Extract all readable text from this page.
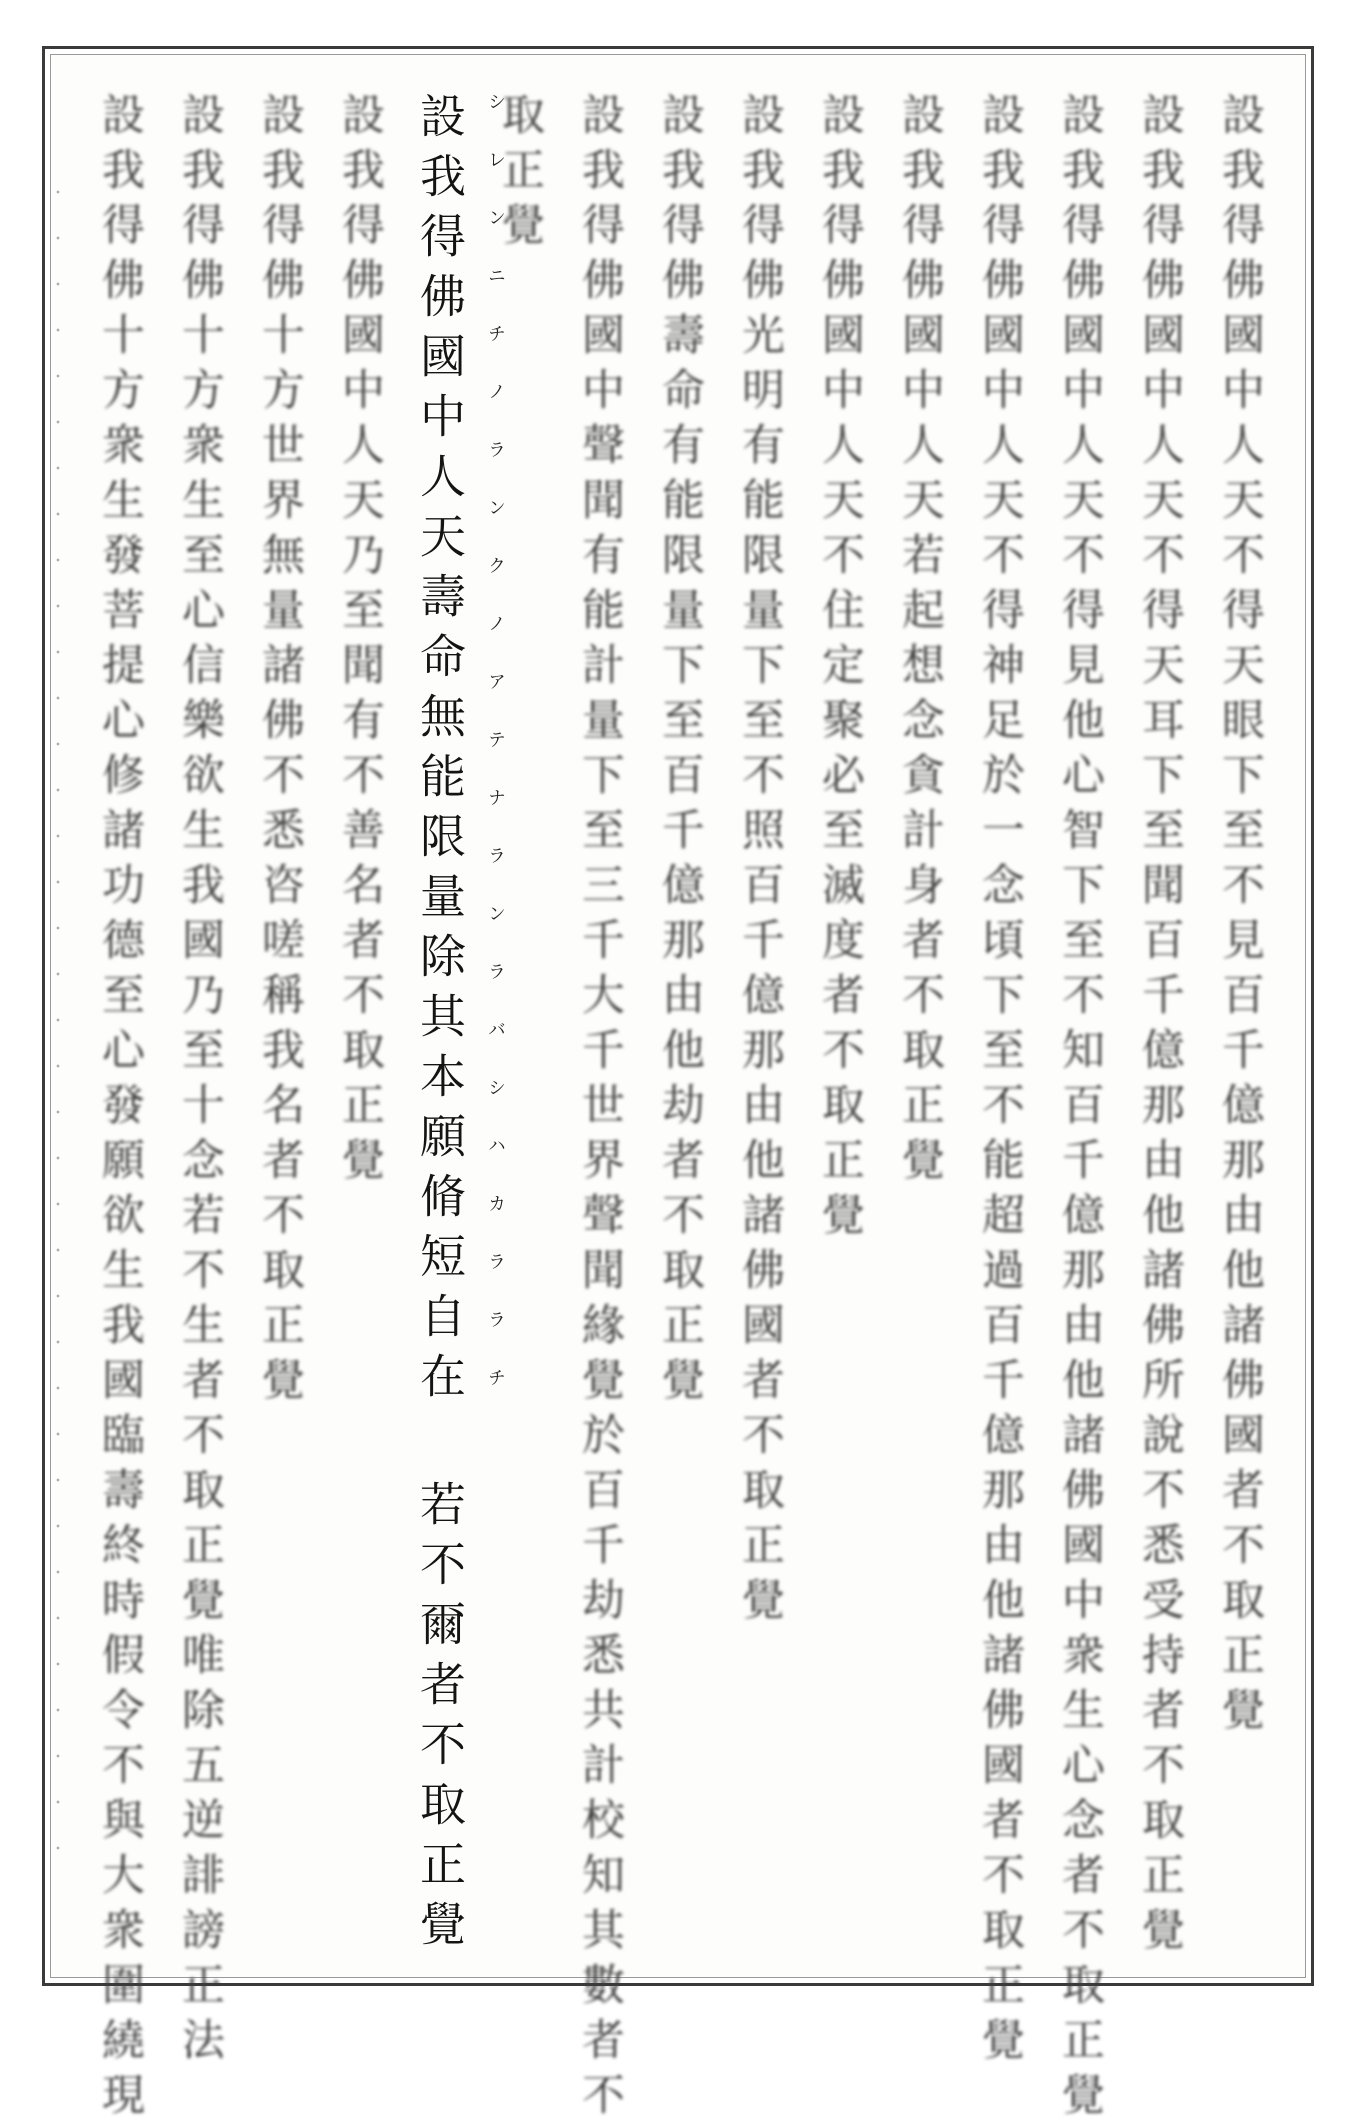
設我得佛國中人天不得天眼下至不見百千億那由他諸佛國者不取正覺
設我得佛國中人天不得天耳下至聞百千億那由他諸佛所說不悉受持者不取正覺
設我得佛國中人天不得見他心智下至不知百千億那由他諸佛國中衆生心念者不取正覺
設我得佛國中人天不得神足於一念頃下至不能超過百千億那由他諸佛國者不取正覺
設我得佛國中人天若起想念貪計身者不取正覺
設我得佛國中人天不住定聚必至滅度者不取正覺
設我得佛光明有能限量下至不照百千億那由他諸佛國者不取正覺
設我得佛壽命有能限量下至百千億那由他劫者不取正覺
設我得佛國中聲聞有能計量下至三千大千世界聲聞緣覺於百千劫悉共計校知其數者不
取正覺
設我得佛國中人天壽命無能限量除其本願脩短自在 若不爾者不取正覺
設我得佛國中人天乃至聞有不善名者不取正覺
設我得佛十方世界無量諸佛不悉咨嗟稱我名者不取正覺
設我得佛十方衆生至心信樂欲生我國乃至十念若不生者不取正覺唯除五逆誹謗正法
設我得佛十方衆生發菩提心修諸功德至心發願欲生我國臨壽終時假令不與大衆圍繞現	シレンニチノランクノアテナランラバシハカララチ
